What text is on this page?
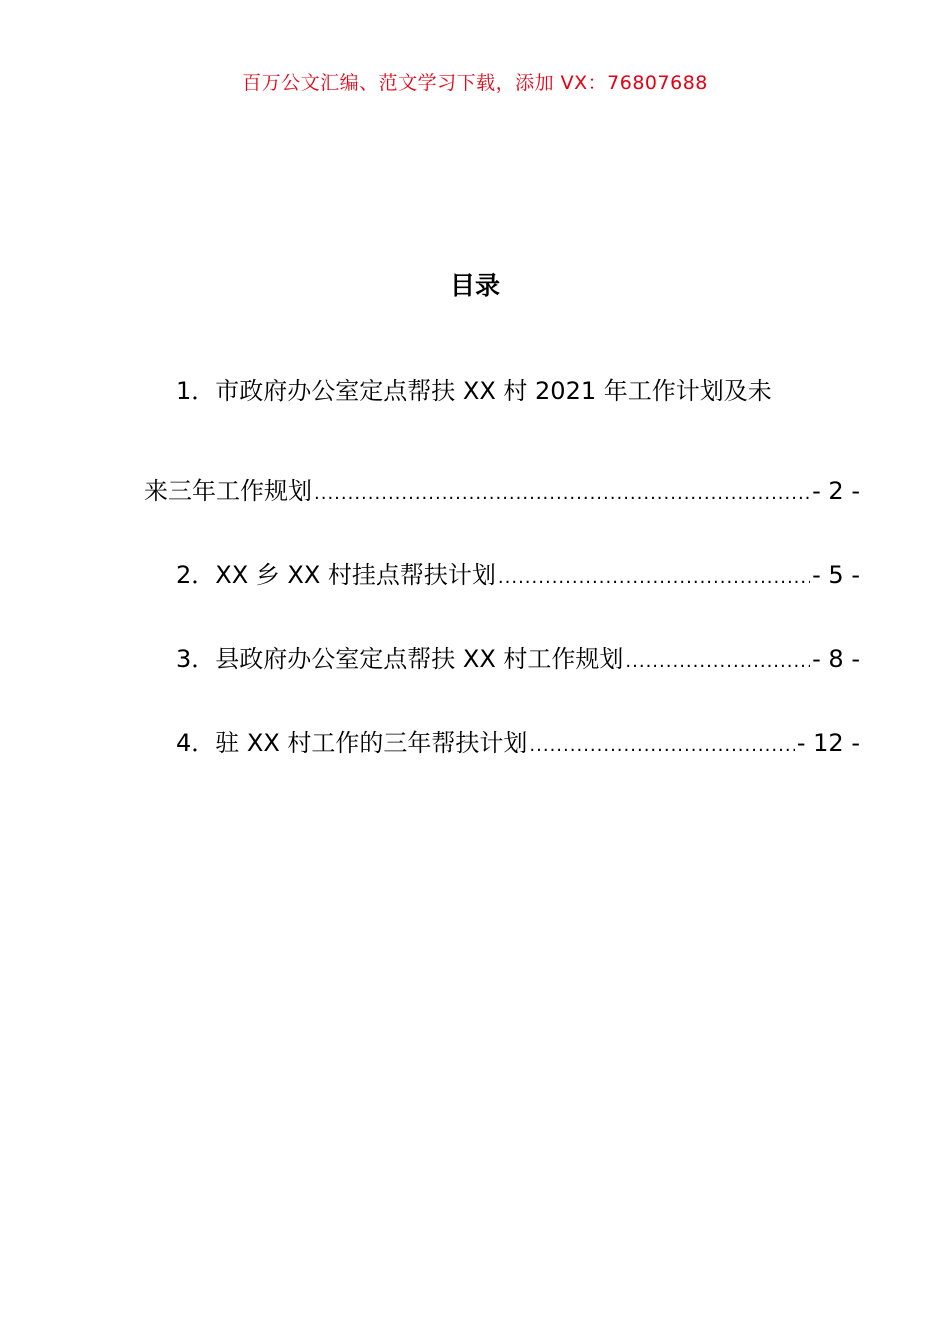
百万公文汇编、范文学习下载，添加 VX：76807688
目录
1．市政府办公室定点帮扶 XX 村 2021 年工作计划及未
来三年工作规划 .....	- 2 -
2．XX 乡 XX 村挂点帮扶计划 .....	- 5 -
3．县政府办公室定点帮扶 XX 村工作规划 .....	- 8 -
4．驻 XX 村工作的三年帮扶计划 .....	- 12 -
